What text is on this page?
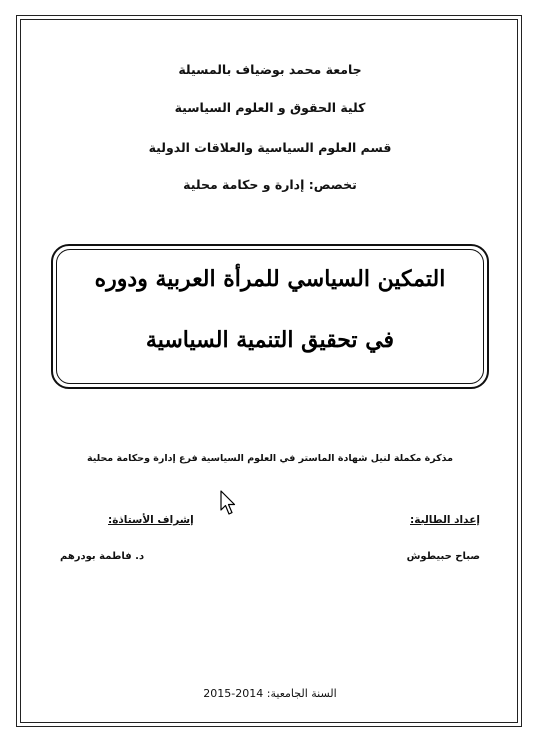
جامعة محمد بوضياف بالمسيلة
كلية الحقوق و العلوم السياسية
قسم العلوم السياسية والعلاقات الدولية
تخصص: إدارة و حكامة محلية
التمكين السياسي للمرأة العربية ودوره
في تحقيق التنمية السياسية
مذكرة مكملة لنيل شهادة الماستر في العلوم السياسية فرع إدارة وحكامة محلية
إعداد الطالبة:
إشراف الأستاذة:
صباح حبيطوش
د. فاطمة بودرهم
السنة الجامعية: 2014-2015
